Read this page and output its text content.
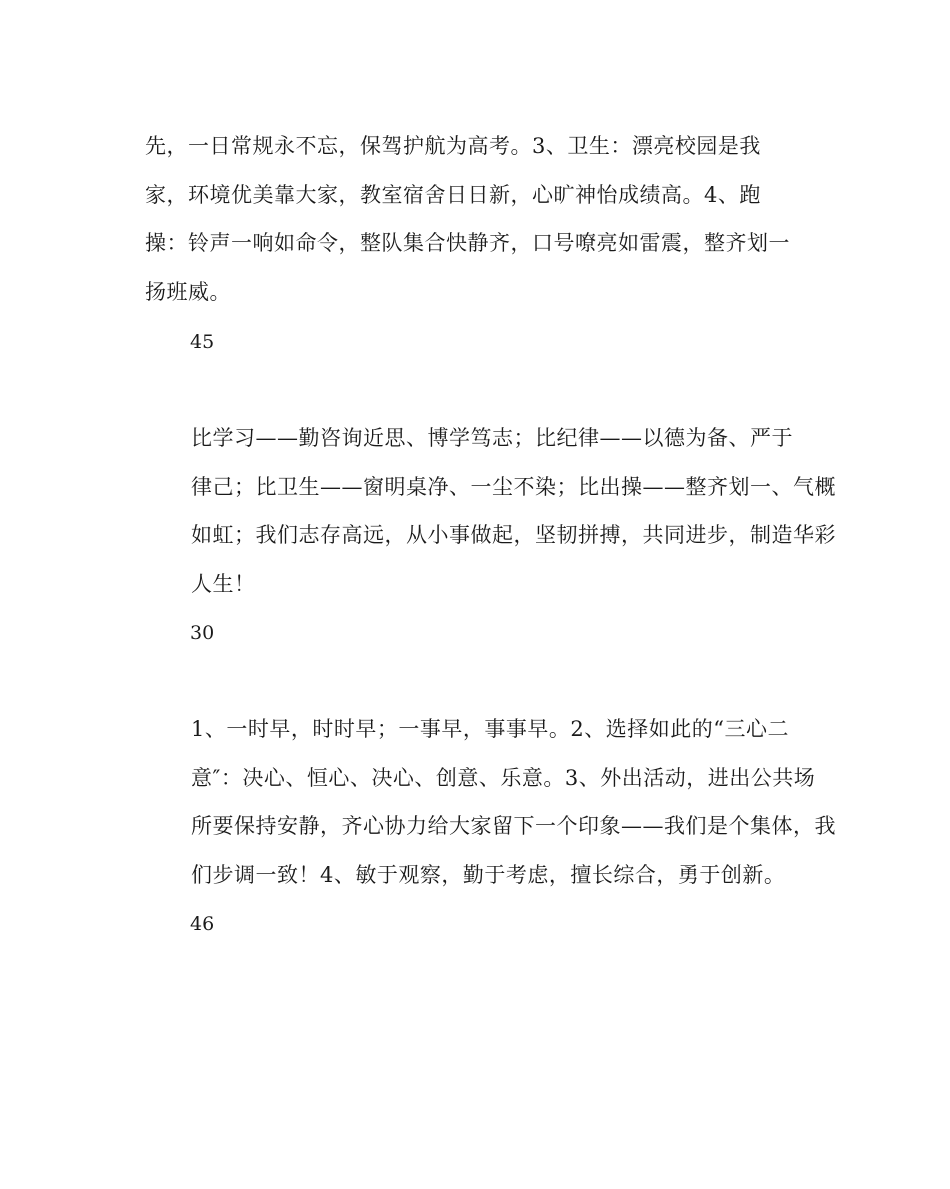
先，一日常规永不忘，保驾护航为高考。3、卫生：漂亮校园是我
家，环境优美靠大家，教室宿舍日日新，心旷神怡成绩高。4、跑
操：铃声一响如命令，整队集合快静齐，口号嘹亮如雷震，整齐划一
扬班威。

45

比学习——勤咨询近思、博学笃志；比纪律——以德为备、严于
律己；比卫生——窗明桌净、一尘不染；比出操——整齐划一、气概
如虹；我们志存高远，从小事做起，坚韧拼搏，共同进步，制造华彩
人生！

30

1、一时早，时时早；一事早，事事早。2、选择如此的“三心二
意″：决心、恒心、决心、创意、乐意。3、外出活动，进出公共场
所要保持安静，齐心协力给大家留下一个印象——我们是个集体，我
们步调一致！4、敏于观察，勤于考虑，擅长综合，勇于创新。

46
